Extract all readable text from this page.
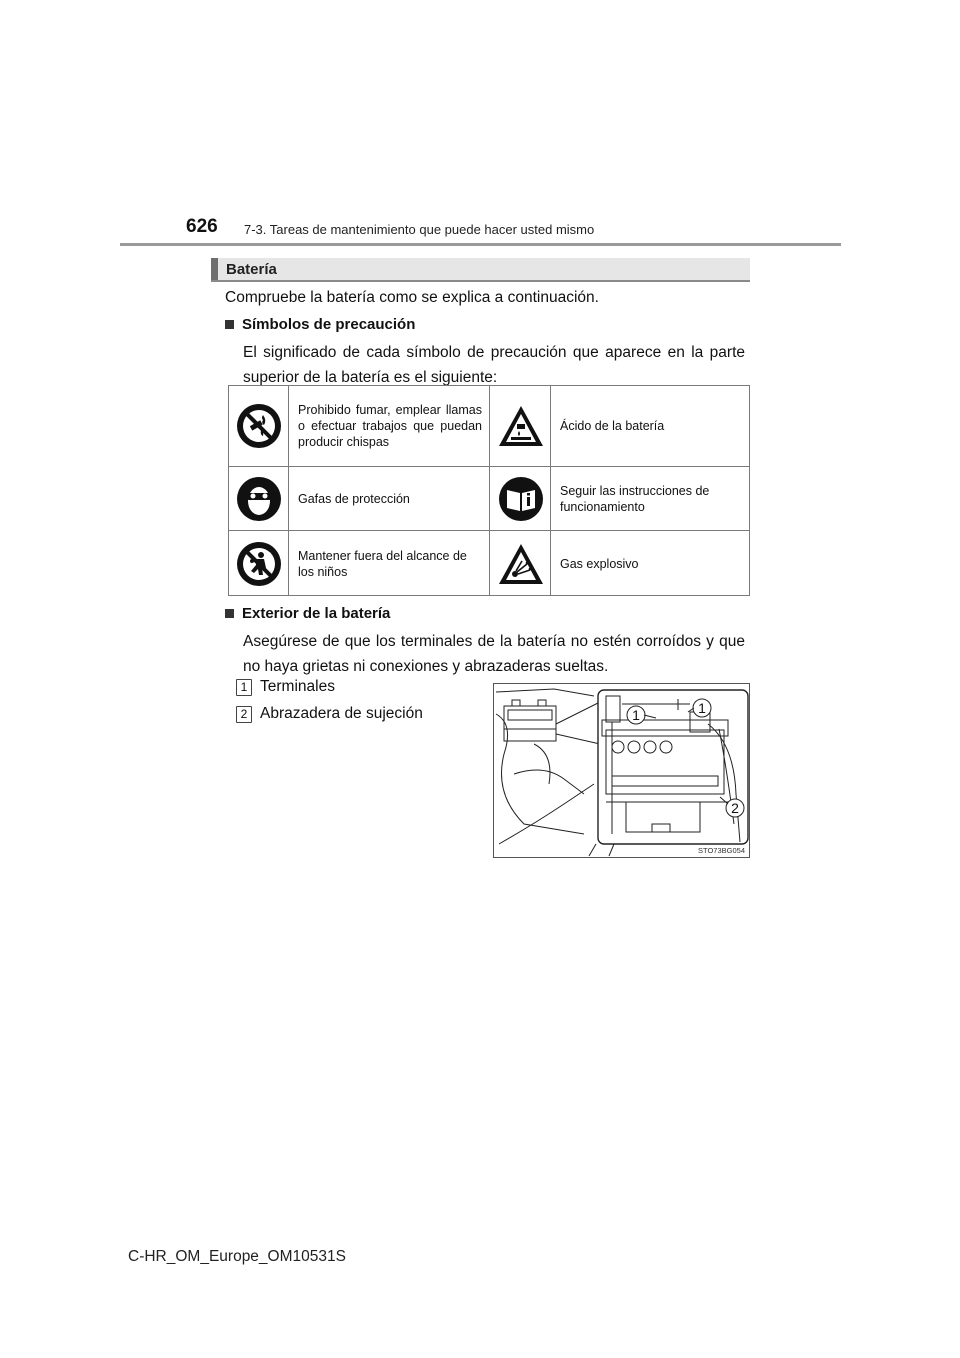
626 7-3. Tareas de mantenimiento que puede hacer usted mismo
Batería
Compruebe la batería como se explica a continuación.
Símbolos de precaución
El significado de cada símbolo de precaución que aparece en la parte superior de la batería es el siguiente:
Prohibido fumar, emplear llamas o efectuar trabajos que puedan producir chispas
Ácido de la batería
Gafas de protección
Seguir las instrucciones de funcionamiento
Mantener fuera del alcance de los niños
Gas explosivo
Exterior de la batería
Asegúrese de que los terminales de la batería no estén corroídos y que no haya grietas ni conexiones y abrazaderas sueltas.
1 Terminales
2 Abrazadera de sujeción	1	1
2
STO73BG054
C-HR_OM_Europe_OM10531S
